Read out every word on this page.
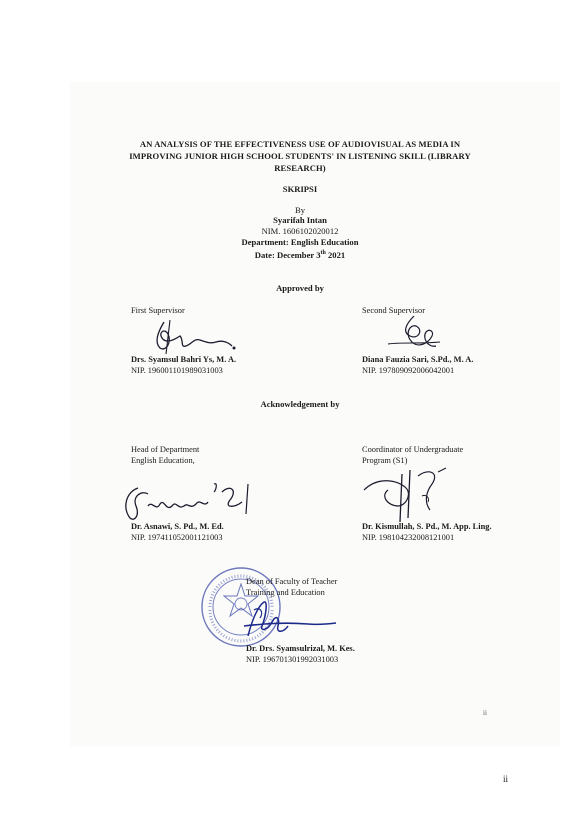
AN ANALYSIS OF THE EFFECTIVENESS USE OF AUDIOVISUAL AS MEDIA IN
IMPROVING JUNIOR HIGH SCHOOL STUDENTS' IN LISTENING SKILL (LIBRARY
RESEARCH)
SKRIPSI
By
Syarifah Intan
NIM. 1606102020012
Department: English Education
Date: December 3th 2021
Approved by
First Supervisor
Drs. Syamsul Bahri Ys, M. A.
NIP. 196001101989031003
Second Supervisor
Diana Fauzia Sari, S.Pd., M. A.
NIP. 197809092006042001
Acknowledgement by
Head of Department
English Education,
Dr. Asnawi, S. Pd., M. Ed.
NIP. 197411052001121003
Coordinator of Undergraduate
Program (S1)
Dr. Kismullah, S. Pd., M. App. Ling.
NIP. 198104232008121001
Dean of Faculty of Teacher
Training and Education
Dr. Drs. Syamsulrizal, M. Kes.
NIP. 196701301992031003
ii
ii
